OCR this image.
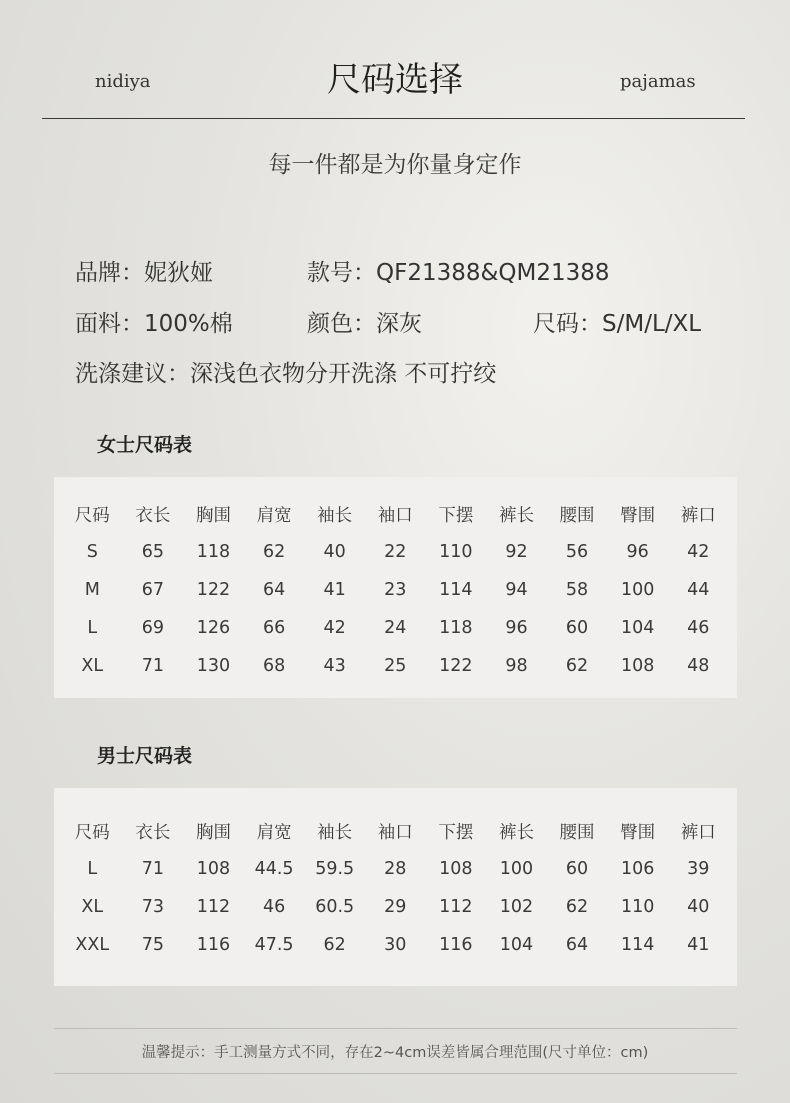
nidiya	尺码选择	pajamas
每一件都是为你量身定作
品牌：妮狄娅	款号：QF21388&QM21388
面料：100%棉	颜色：深灰	尺码：S/M/L/XL
洗涤建议：深浅色衣物分开洗涤 不可拧绞
女士尺码表
尺码	衣长	胸围	肩宽	袖长	袖口	下摆	裤长	腰围	臀围	裤口
S	65	118	62	40	22	110	92	56	96	42
M	67	122	64	41	23	114	94	58	100	44
L	69	126	66	42	24	118	96	60	104	46
XL	71	130	68	43	25	122	98	62	108	48
男士尺码表
尺码	衣长	胸围	肩宽	袖长	袖口	下摆	裤长	腰围	臀围	裤口
L	71	108	44.5	59.5	28	108	100	60	106	39
XL	73	112	46	60.5	29	112	102	62	110	40
XXL	75	116	47.5	62	30	116	104	64	114	41
温馨提示：手工测量方式不同，存在2~4cm误差皆属合理范围(尺寸单位：cm)
